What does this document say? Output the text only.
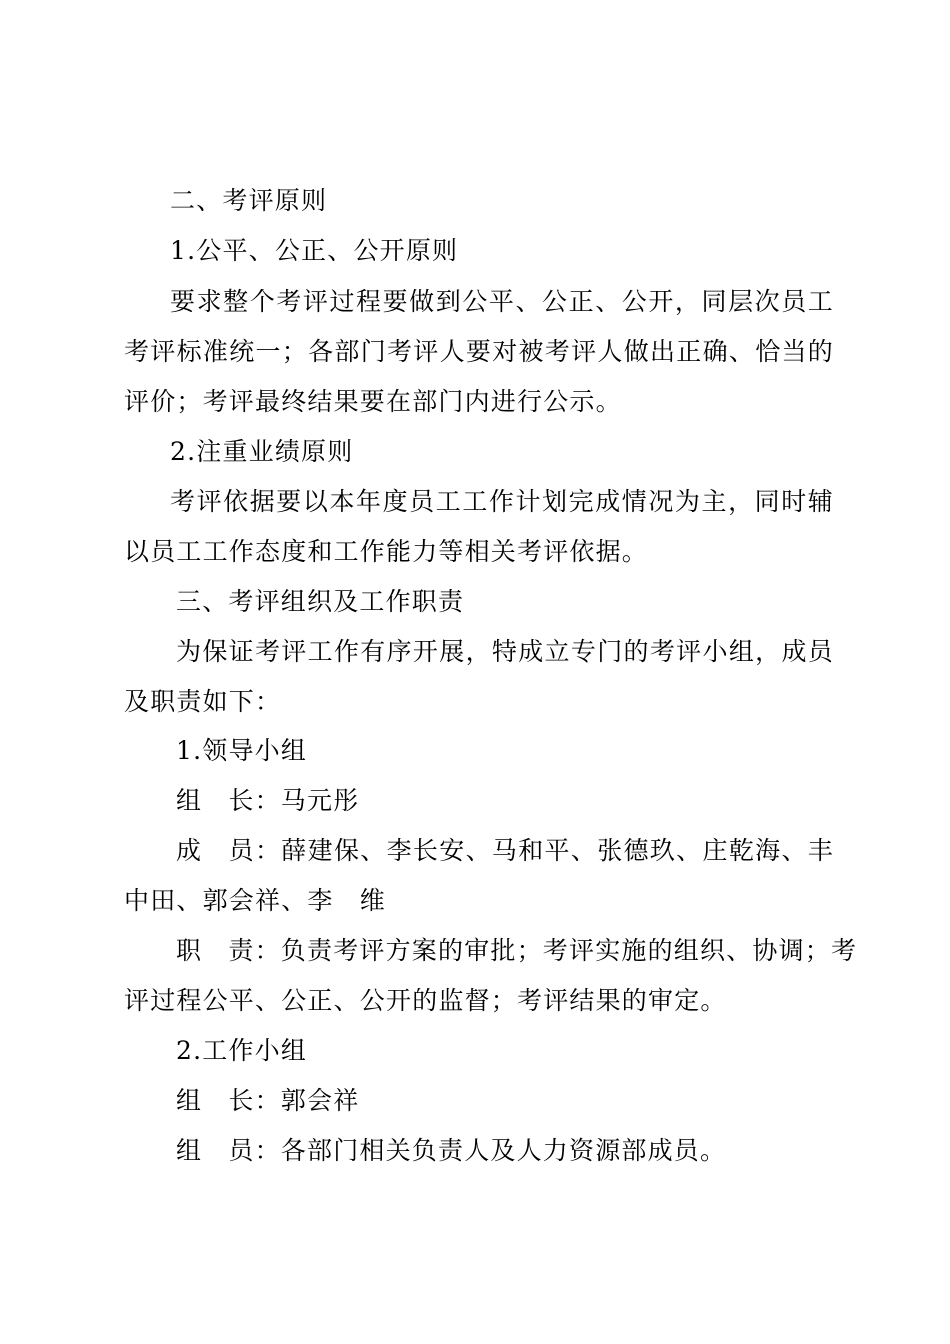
二、考评原则
1.公平、公正、公开原则
要求整个考评过程要做到公平、公正、公开，同层次员工
考评标准统一；各部门考评人要对被考评人做出正确、恰当的
评价；考评最终结果要在部门内进行公示。
2.注重业绩原则
考评依据要以本年度员工工作计划完成情况为主，同时辅
以员工工作态度和工作能力等相关考评依据。
三、考评组织及工作职责
为保证考评工作有序开展，特成立专门的考评小组，成员
及职责如下：
1.领导小组
组　长：马元彤
成　员：薛建保、李长安、马和平、张德玖、庄乾海、丰
中田、郭会祥、李　维
职　责：负责考评方案的审批；考评实施的组织、协调；考
评过程公平、公正、公开的监督；考评结果的审定。
2.工作小组
组　长：郭会祥
组　员：各部门相关负责人及人力资源部成员。
